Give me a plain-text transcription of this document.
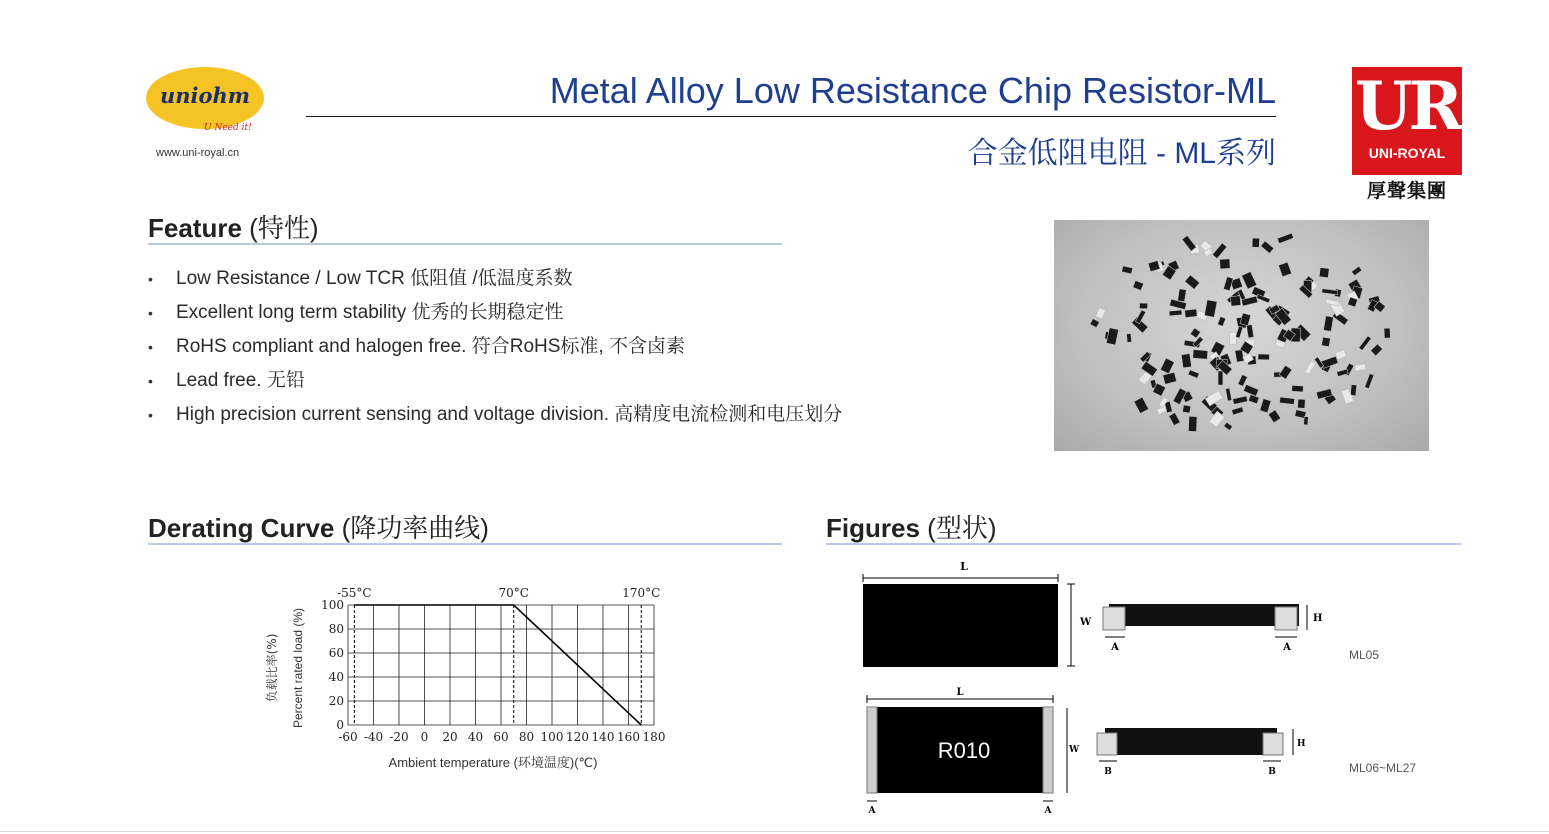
uniohm
U Need it!
www.uni-royal.cn
Metal Alloy Low Resistance Chip Resistor-ML
合金低阻电阻 - ML系列
UR
UNI-ROYAL
厚聲集團
Feature (特性)
• Low Resistance / Low TCR 低阻值 /低温度系数
• Excellent long term stability 优秀的长期稳定性
• RoHS compliant and halogen free. 符合RoHS标准, 不含卤素
• Lead free. 无铅
• High precision current sensing and voltage division. 高精度电流检测和电压划分
Derating Curve (降功率曲线)
-60 -40 -20 0 20 40 60 80 100 120 140 160 180
0
20
40
60
80
100
-55°C	70°C	170°C
Percent rated load (%)
负载比率(%)
Ambient temperature (环境温度)(℃)
Figures (型状)
L
W	H
A	A
ML05
L
R010	W
A	A
H
B	B	ML06~ML27
